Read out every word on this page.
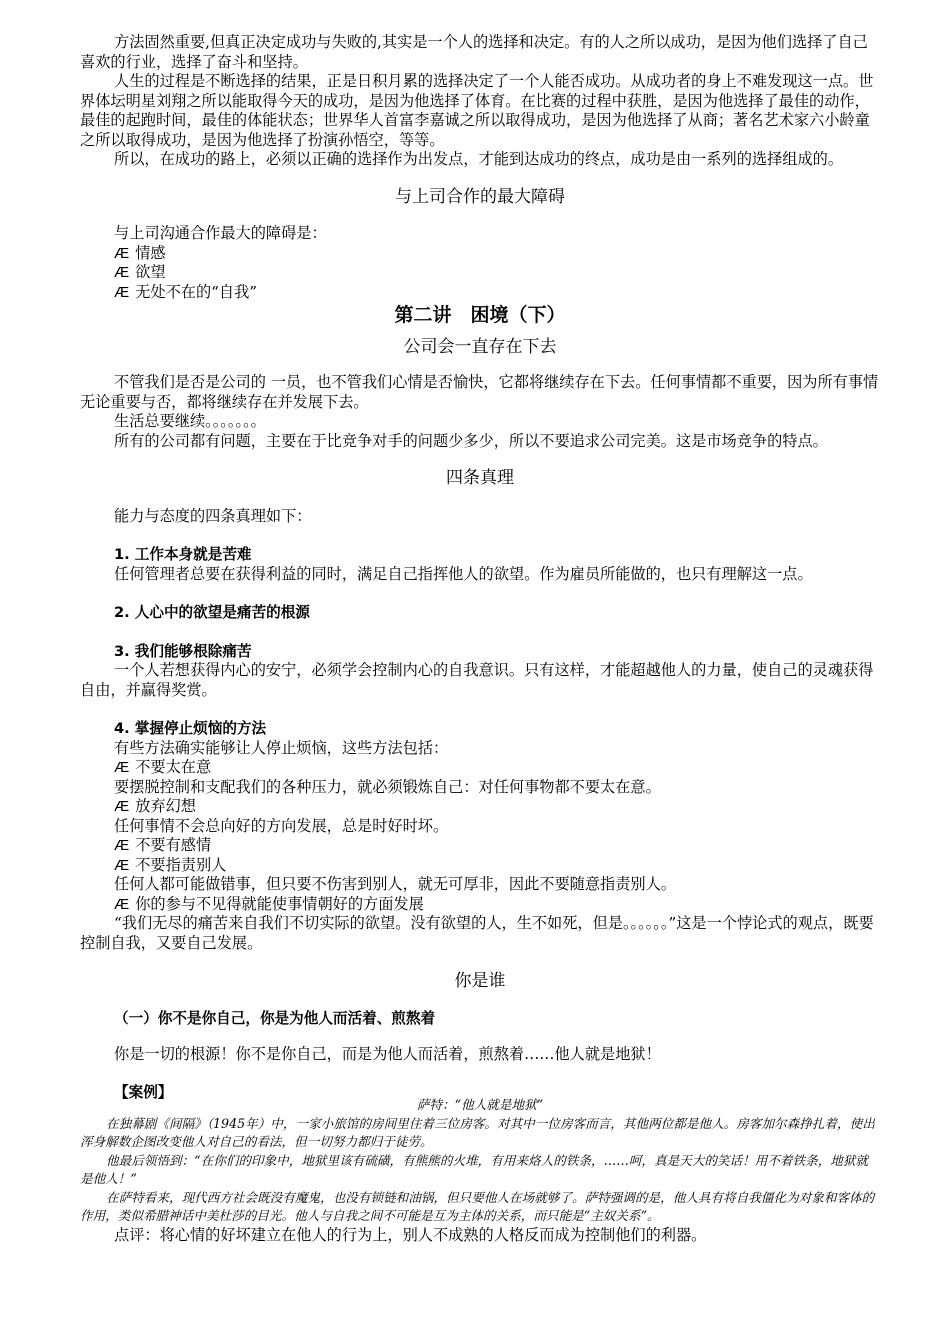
方法固然重要,但真正决定成功与失败的,其实是一个人的选择和决定。有的人之所以成功，是因为他们选择了自己喜欢的行业，选择了奋斗和坚持。

人生的过程是不断选择的结果，正是日积月累的选择决定了一个人能否成功。从成功者的身上不难发现这一点。世界体坛明星刘翔之所以能取得今天的成功，是因为他选择了体育。在比赛的过程中获胜，是因为他选择了最佳的动作，最佳的起跑时间，最佳的体能状态；世界华人首富李嘉诚之所以取得成功，是因为他选择了从商；著名艺术家六小龄童之所以取得成功，是因为他选择了扮演孙悟空，等等。

所以，在成功的路上，必须以正确的选择作为出发点，才能到达成功的终点，成功是由一系列的选择组成的。

与上司合作的最大障碍

与上司沟通合作最大的障碍是：

Æ 情感

Æ 欲望

Æ 无处不在的“自我”

第二讲　困境（下）

公司会一直存在下去

不管我们是否是公司的 一员，也不管我们心情是否愉快，它都将继续存在下去。任何事情都不重要，因为所有事情无论重要与否，都将继续存在并发展下去。

生活总要继续。。。。。。。

所有的公司都有问题，主要在于比竞争对手的问题少多少，所以不要追求公司完美。这是市场竞争的特点。

四条真理

能力与态度的四条真理如下：

1. 工作本身就是苦难

任何管理者总要在获得利益的同时，满足自己指挥他人的欲望。作为雇员所能做的，也只有理解这一点。

2. 人心中的欲望是痛苦的根源

3. 我们能够根除痛苦

一个人若想获得内心的安宁，必须学会控制内心的自我意识。只有这样，才能超越他人的力量，使自己的灵魂获得自由，并赢得奖赏。

4. 掌握停止烦恼的方法

有些方法确实能够让人停止烦恼，这些方法包括：

Æ 不要太在意

要摆脱控制和支配我们的各种压力，就必须锻炼自己：对任何事物都不要太在意。

Æ 放弃幻想

任何事情不会总向好的方向发展，总是时好时坏。

Æ 不要有感情

Æ 不要指责别人

任何人都可能做错事，但只要不伤害到别人，就无可厚非，因此不要随意指责别人。

Æ 你的参与不见得就能使事情朝好的方面发展

“我们无尽的痛苦来自我们不切实际的欲望。没有欲望的人，生不如死，但是。。。。。。”这是一个悖论式的观点，既要控制自我，又要自己发展。

你是谁

（一）你不是你自己，你是为他人而活着、煎熬着

你是一切的根源！你不是你自己，而是为他人而活着，煎熬着……他人就是地狱！

【案例】

萨特：“他人就是地狱”

在独幕剧《间隔》（1945年）中，一家小旅馆的房间里住着三位房客。对其中一位房客而言，其他两位都是他人。房客加尔森挣扎着，使出浑身解数企图改变他人对自己的看法，但一切努力都归于徒劳。

他最后领悟到：“在你们的印象中，地狱里该有硫磺，有熊熊的火堆，有用来烙人的铁条，……呵，真是天大的笑话！用不着铁条，地狱就是他人！”

在萨特看来，现代西方社会既没有魔鬼，也没有锁链和油锅，但只要他人在场就够了。萨特强调的是，他人具有将自我僵化为对象和客体的作用，类似希腊神话中美杜莎的目光。他人与自我之间不可能是互为主体的关系，而只能是“主奴关系”。

点评：将心情的好坏建立在他人的行为上，别人不成熟的人格反而成为控制他们的利器。
